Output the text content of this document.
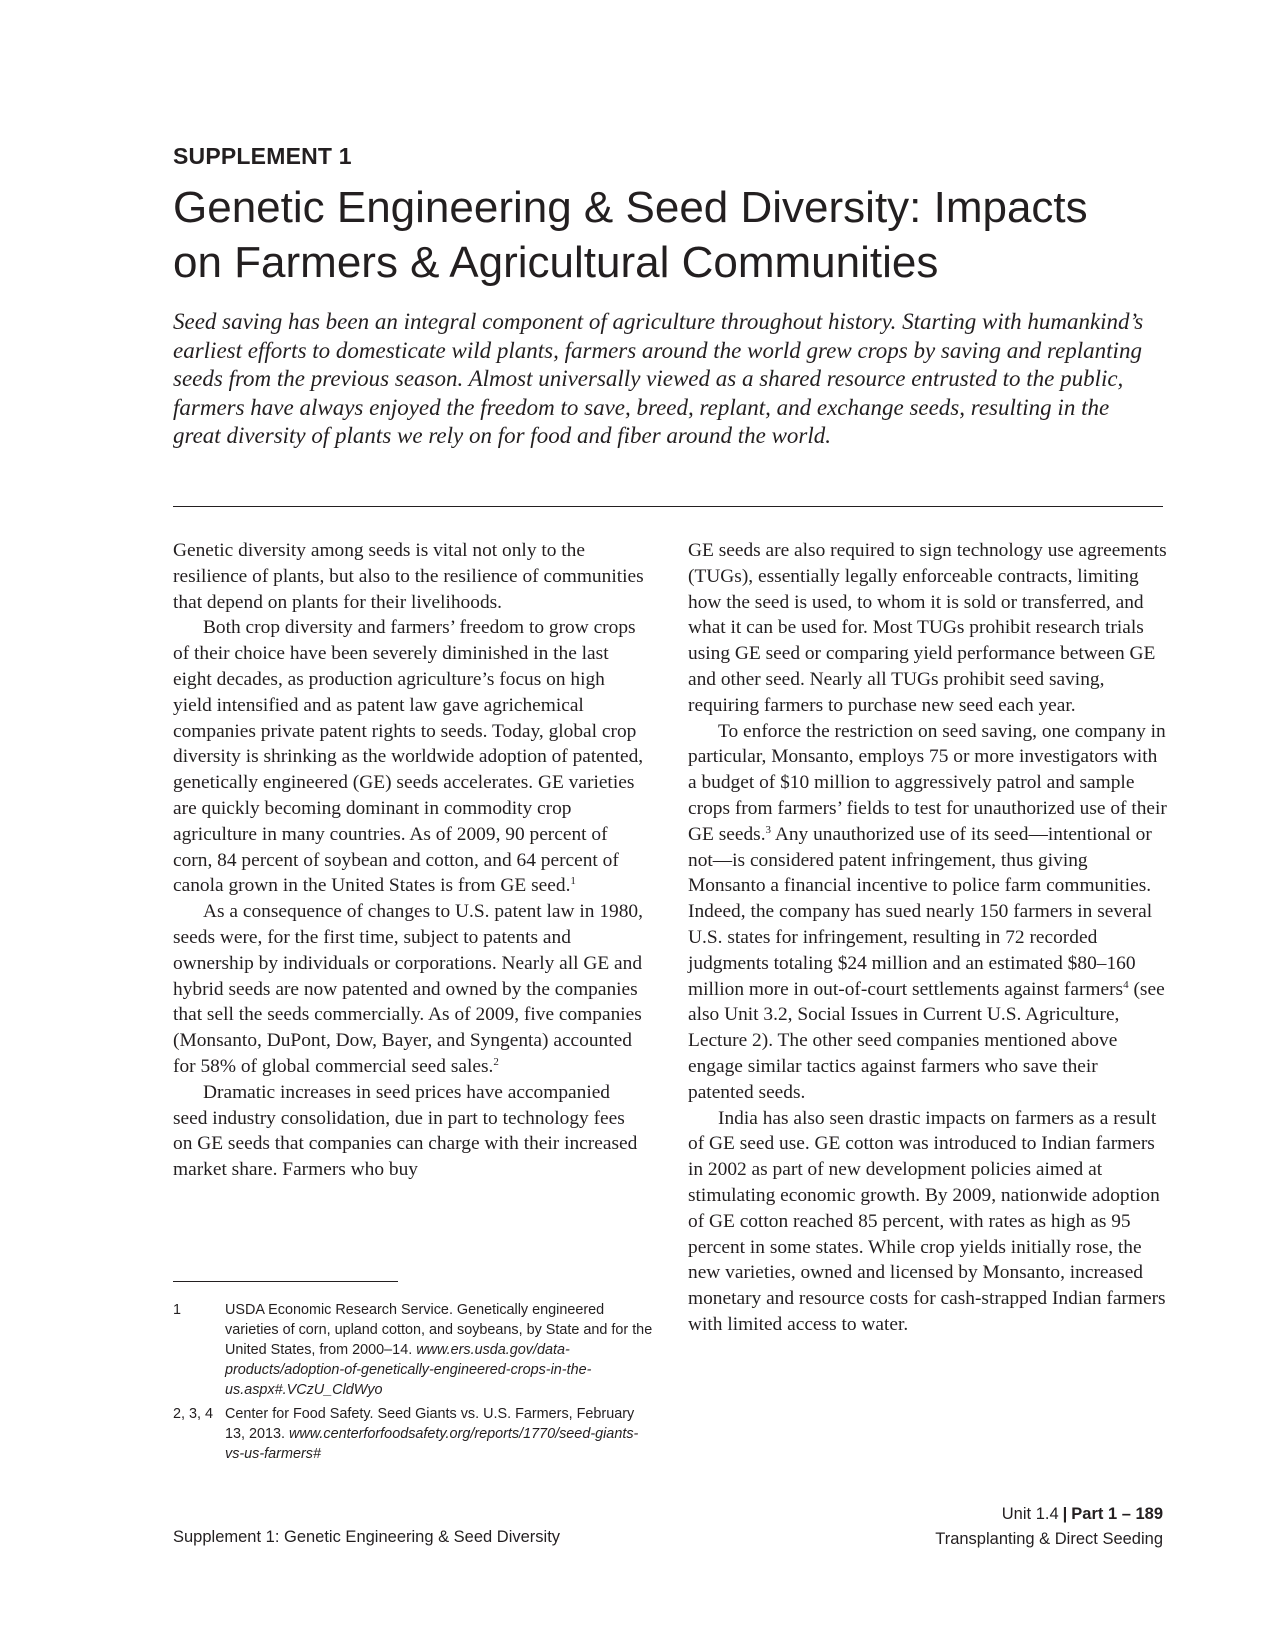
SUPPLEMENT 1
Genetic Engineering & Seed Diversity: Impacts on Farmers & Agricultural Communities

Seed saving has been an integral component of agriculture throughout history. Starting with humankind’s earliest efforts to domesticate wild plants, farmers around the world grew crops by saving and replanting seeds from the previous season. Almost universally viewed as a shared resource entrusted to the public, farmers have always enjoyed the freedom to save, breed, replant, and exchange seeds, resulting in the great diversity of plants we rely on for food and fiber around the world.

Genetic diversity among seeds is vital not only to the resilience of plants, but also to the resilience of communities that depend on plants for their livelihoods.

Both crop diversity and farmers’ freedom to grow crops of their choice have been severely diminished in the last eight decades, as production agriculture’s focus on high yield intensified and as patent law gave agrichemical companies private patent rights to seeds. Today, global crop diversity is shrinking as the worldwide adoption of patented, genetically engineered (GE) seeds accelerates. GE varieties are quickly becoming dominant in commodity crop agriculture in many countries. As of 2009, 90 percent of corn, 84 percent of soybean and cotton, and 64 percent of canola grown in the United States is from GE seed.$^1$

As a consequence of changes to U.S. patent law in 1980, seeds were, for the first time, subject to patents and ownership by individuals or corporations. Nearly all GE and hybrid seeds are now patented and owned by the companies that sell the seeds commercially. As of 2009, five companies (Monsanto, DuPont, Dow, Bayer, and Syngenta) accounted for 58% of global commercial seed sales.$^2$

Dramatic increases in seed prices have accompanied seed industry consolidation, due in part to technology fees on GE seeds that companies can charge with their increased market share. Farmers who buy

GE seeds are also required to sign technology use agreements (TUGs), essentially legally enforceable contracts, limiting how the seed is used, to whom it is sold or transferred, and what it can be used for. Most TUGs prohibit research trials using GE seed or comparing yield performance between GE and other seed. Nearly all TUGs prohibit seed saving, requiring farmers to purchase new seed each year.

To enforce the restriction on seed saving, one company in particular, Monsanto, employs 75 or more investigators with a budget of $10 million to aggressively patrol and sample crops from farmers’ fields to test for unauthorized use of their GE seeds.$^3$ Any unauthorized use of its seed—intentional or not—is considered patent infringement, thus giving Monsanto a financial incentive to police farm communities. Indeed, the company has sued nearly 150 farmers in several U.S. states for infringement, resulting in 72 recorded judgments totaling $24 million and an estimated $80–160 million more in out-of-court settlements against farmers$^4$ (see also Unit 3.2, Social Issues in Current U.S. Agriculture, Lecture 2). The other seed companies mentioned above engage similar tactics against farmers who save their patented seeds.

India has also seen drastic impacts on farmers as a result of GE seed use. GE cotton was introduced to Indian farmers in 2002 as part of new development policies aimed at stimulating economic growth. By 2009, nationwide adoption of GE cotton reached 85 percent, with rates as high as 95 percent in some states. While crop yields initially rose, the new varieties, owned and licensed by Monsanto, increased monetary and resource costs for cash-strapped Indian farmers with limited access to water.

1	USDA Economic Research Service. Genetically engineered varieties of corn, upland cotton, and soybeans, by State and for the United States, from 2000–14. www.ers.usda.gov/data-products/adoption-of-genetically-engineered-crops-in-the-us.aspx#.VCzU_CldWyo
2, 3, 4 Center for Food Safety. Seed Giants vs. U.S. Farmers, February 13, 2013. www.centerforfoodsafety.org/reports/1770/seed-giants-vs-us-farmers#
Supplement 1: Genetic Engineering & Seed Diversity
Unit 1.4 | Part 1 – 189
Transplanting & Direct Seeding
